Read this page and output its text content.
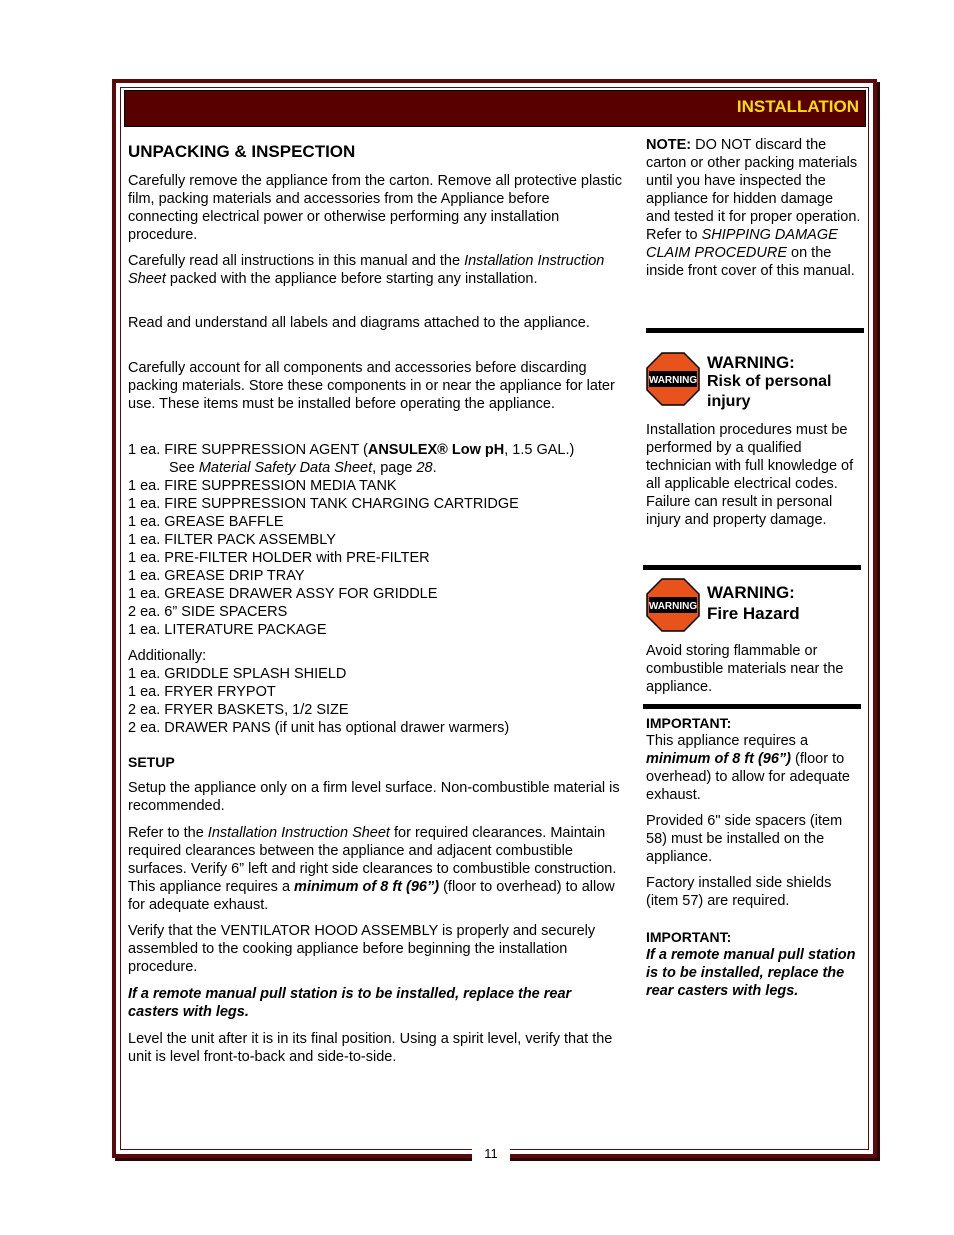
INSTALLATION
UNPACKING & INSPECTION
Carefully remove the appliance from the carton. Remove all protective plastic film, packing materials and accessories from the Appliance before connecting electrical power or otherwise performing any installation procedure.
Carefully read all instructions in this manual and the Installation Instruction Sheet packed with the appliance before starting any installation.
Read and understand all labels and diagrams attached to the appliance.
Carefully account for all components and accessories before discarding packing materials. Store these components in or near the appliance for later use. These items must be installed before operating the appliance.
1 ea. FIRE SUPPRESSION AGENT (ANSULEX® Low pH, 1.5 GAL.)
See Material Safety Data Sheet, page 28.
1 ea. FIRE SUPPRESSION MEDIA TANK
1 ea. FIRE SUPPRESSION TANK CHARGING CARTRIDGE
1 ea. GREASE BAFFLE
1 ea. FILTER PACK ASSEMBLY
1 ea. PRE-FILTER HOLDER with PRE-FILTER
1 ea. GREASE DRIP TRAY
1 ea. GREASE DRAWER ASSY FOR GRIDDLE
2 ea. 6” SIDE SPACERS
1 ea. LITERATURE PACKAGE
Additionally:
1 ea. GRIDDLE SPLASH SHIELD
1 ea. FRYER FRYPOT
2 ea. FRYER BASKETS, 1/2 SIZE
2 ea. DRAWER PANS (if unit has optional drawer warmers)
SETUP
Setup the appliance only on a firm level surface. Non-combustible material is recommended.
Refer to the Installation Instruction Sheet for required clearances. Maintain required clearances between the appliance and adjacent combustible surfaces. Verify 6” left and right side clearances to combustible construction. This appliance requires a minimum of 8 ft (96”) (floor to overhead) to allow for adequate exhaust.
Verify that the VENTILATOR HOOD ASSEMBLY is properly and securely assembled to the cooking appliance before beginning the installation procedure.
If a remote manual pull station is to be installed, replace the rear casters with legs.
Level the unit after it is in its final position. Using a spirit level, verify that the unit is level front-to-back and side-to-side.
NOTE: DO NOT discard the carton or other packing materials until you have inspected the appliance for hidden damage and tested it for proper operation.
Refer to SHIPPING DAMAGE CLAIM PROCEDURE on the inside front cover of this manual.
WARNING
WARNING:
Risk of personal injury
Installation procedures must be performed by a qualified technician with full knowledge of all applicable electrical codes. Failure can result in personal injury and property damage.
WARNING
WARNING:
Fire Hazard
Avoid storing flammable or combustible materials near the appliance.
IMPORTANT:
This appliance requires a minimum of 8 ft (96”) (floor to overhead) to allow for adequate exhaust.
Provided 6" side spacers (item 58) must be installed on the appliance.
Factory installed side shields (item 57) are required.
IMPORTANT:
If a remote manual pull station is to be installed, replace the rear casters with legs.
11
